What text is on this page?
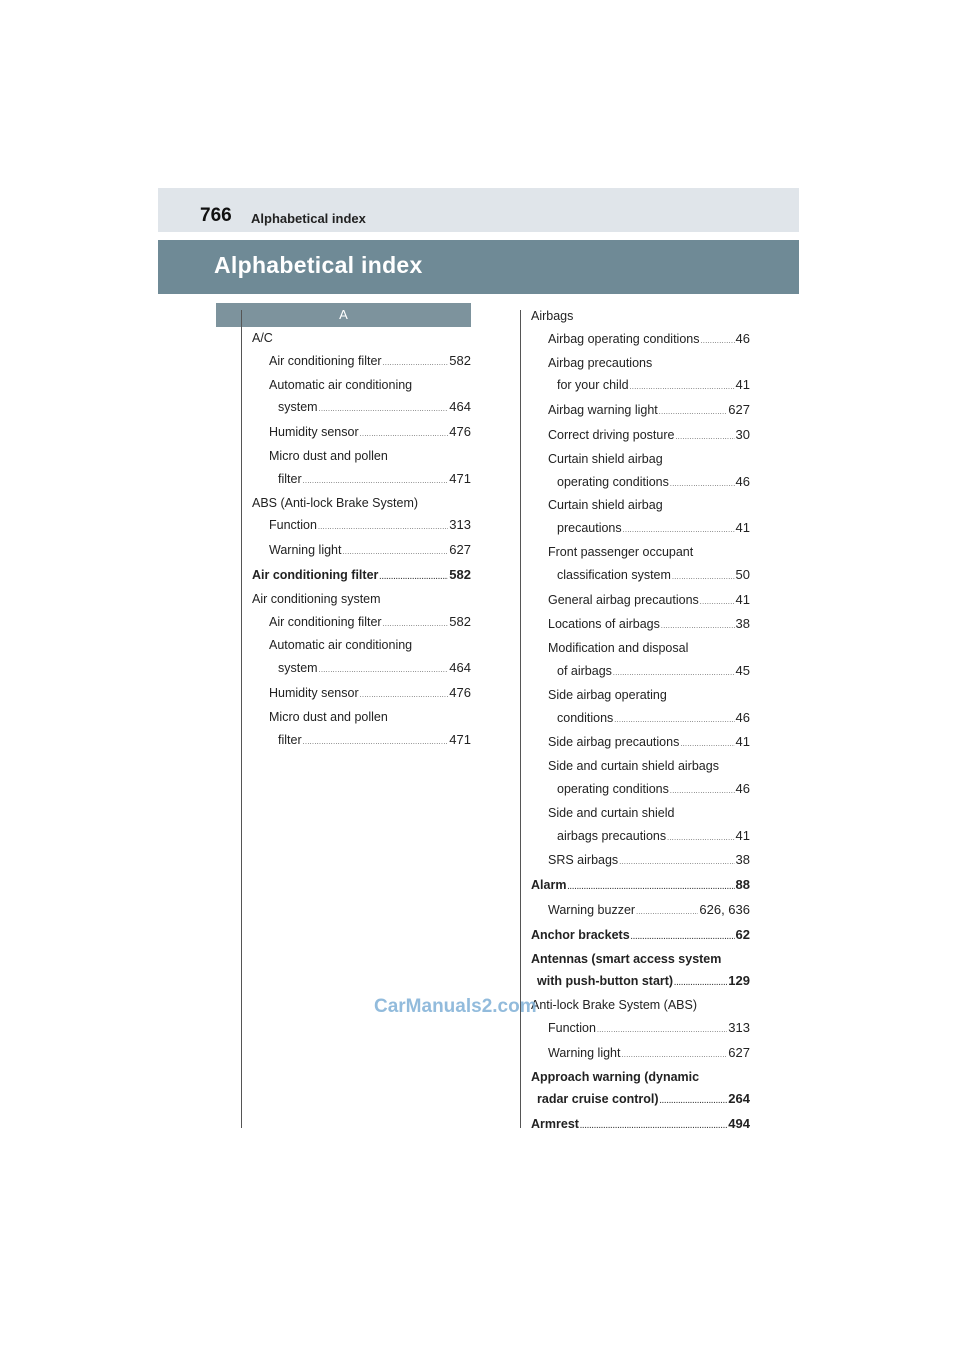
766 Alphabetical index
Alphabetical index
A
A/C
Air conditioning filter .....	582
Automatic air conditioning
system .....	464
Humidity sensor .....	476
Micro dust and pollen
filter .....	471
ABS (Anti-lock Brake System)
Function .....	313
Warning light .....	627
Air conditioning filter .....	582
Air conditioning system
Air conditioning filter .....	582
Automatic air conditioning
system .....	464
Humidity sensor .....	476
Micro dust and pollen
filter .....	471
Airbags
Airbag operating conditions .....	46
Airbag precautions
for your child .....	41
Airbag warning light .....	627
Correct driving posture .....	30
Curtain shield airbag
operating conditions .....	46
Curtain shield airbag
precautions .....	41
Front passenger occupant
classification system .....	50
General airbag precautions .....	41
Locations of airbags .....	38
Modification and disposal
of airbags .....	45
Side airbag operating
conditions .....	46
Side airbag precautions .....	41
Side and curtain shield airbags
operating conditions .....	46
Side and curtain shield
airbags precautions .....	41
SRS airbags .....	38
Alarm .....	88
Warning buzzer .....	626, 636
Anchor brackets .....	62
Antennas (smart access system
with push-button start) .....	129
Anti-lock Brake System (ABS)
Function .....	313
Warning light .....	627
Approach warning (dynamic
radar cruise control) .....	264
Armrest .....	494
CarManuals2.com
